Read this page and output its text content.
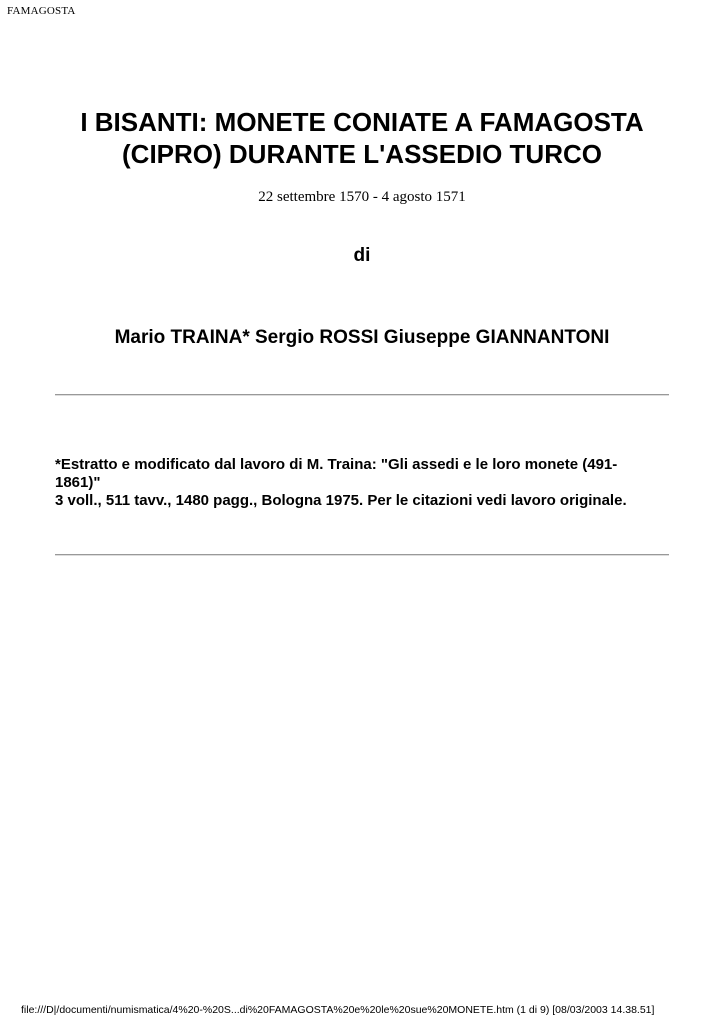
FAMAGOSTA
I BISANTI: MONETE CONIATE A FAMAGOSTA
(CIPRO) DURANTE L'ASSEDIO TURCO
22 settembre 1570 - 4 agosto 1571
di
Mario TRAINA* Sergio ROSSI Giuseppe GIANNANTONI
*Estratto e modificato dal lavoro di M. Traina: "Gli assedi e le loro monete (491-
1861)"
3 voll., 511 tavv., 1480 pagg., Bologna 1975. Per le citazioni vedi lavoro originale.
file:///D|/documenti/numismatica/4%20-%20S...di%20FAMAGOSTA%20e%20le%20sue%20MONETE.htm (1 di 9) [08/03/2003 14.38.51]
